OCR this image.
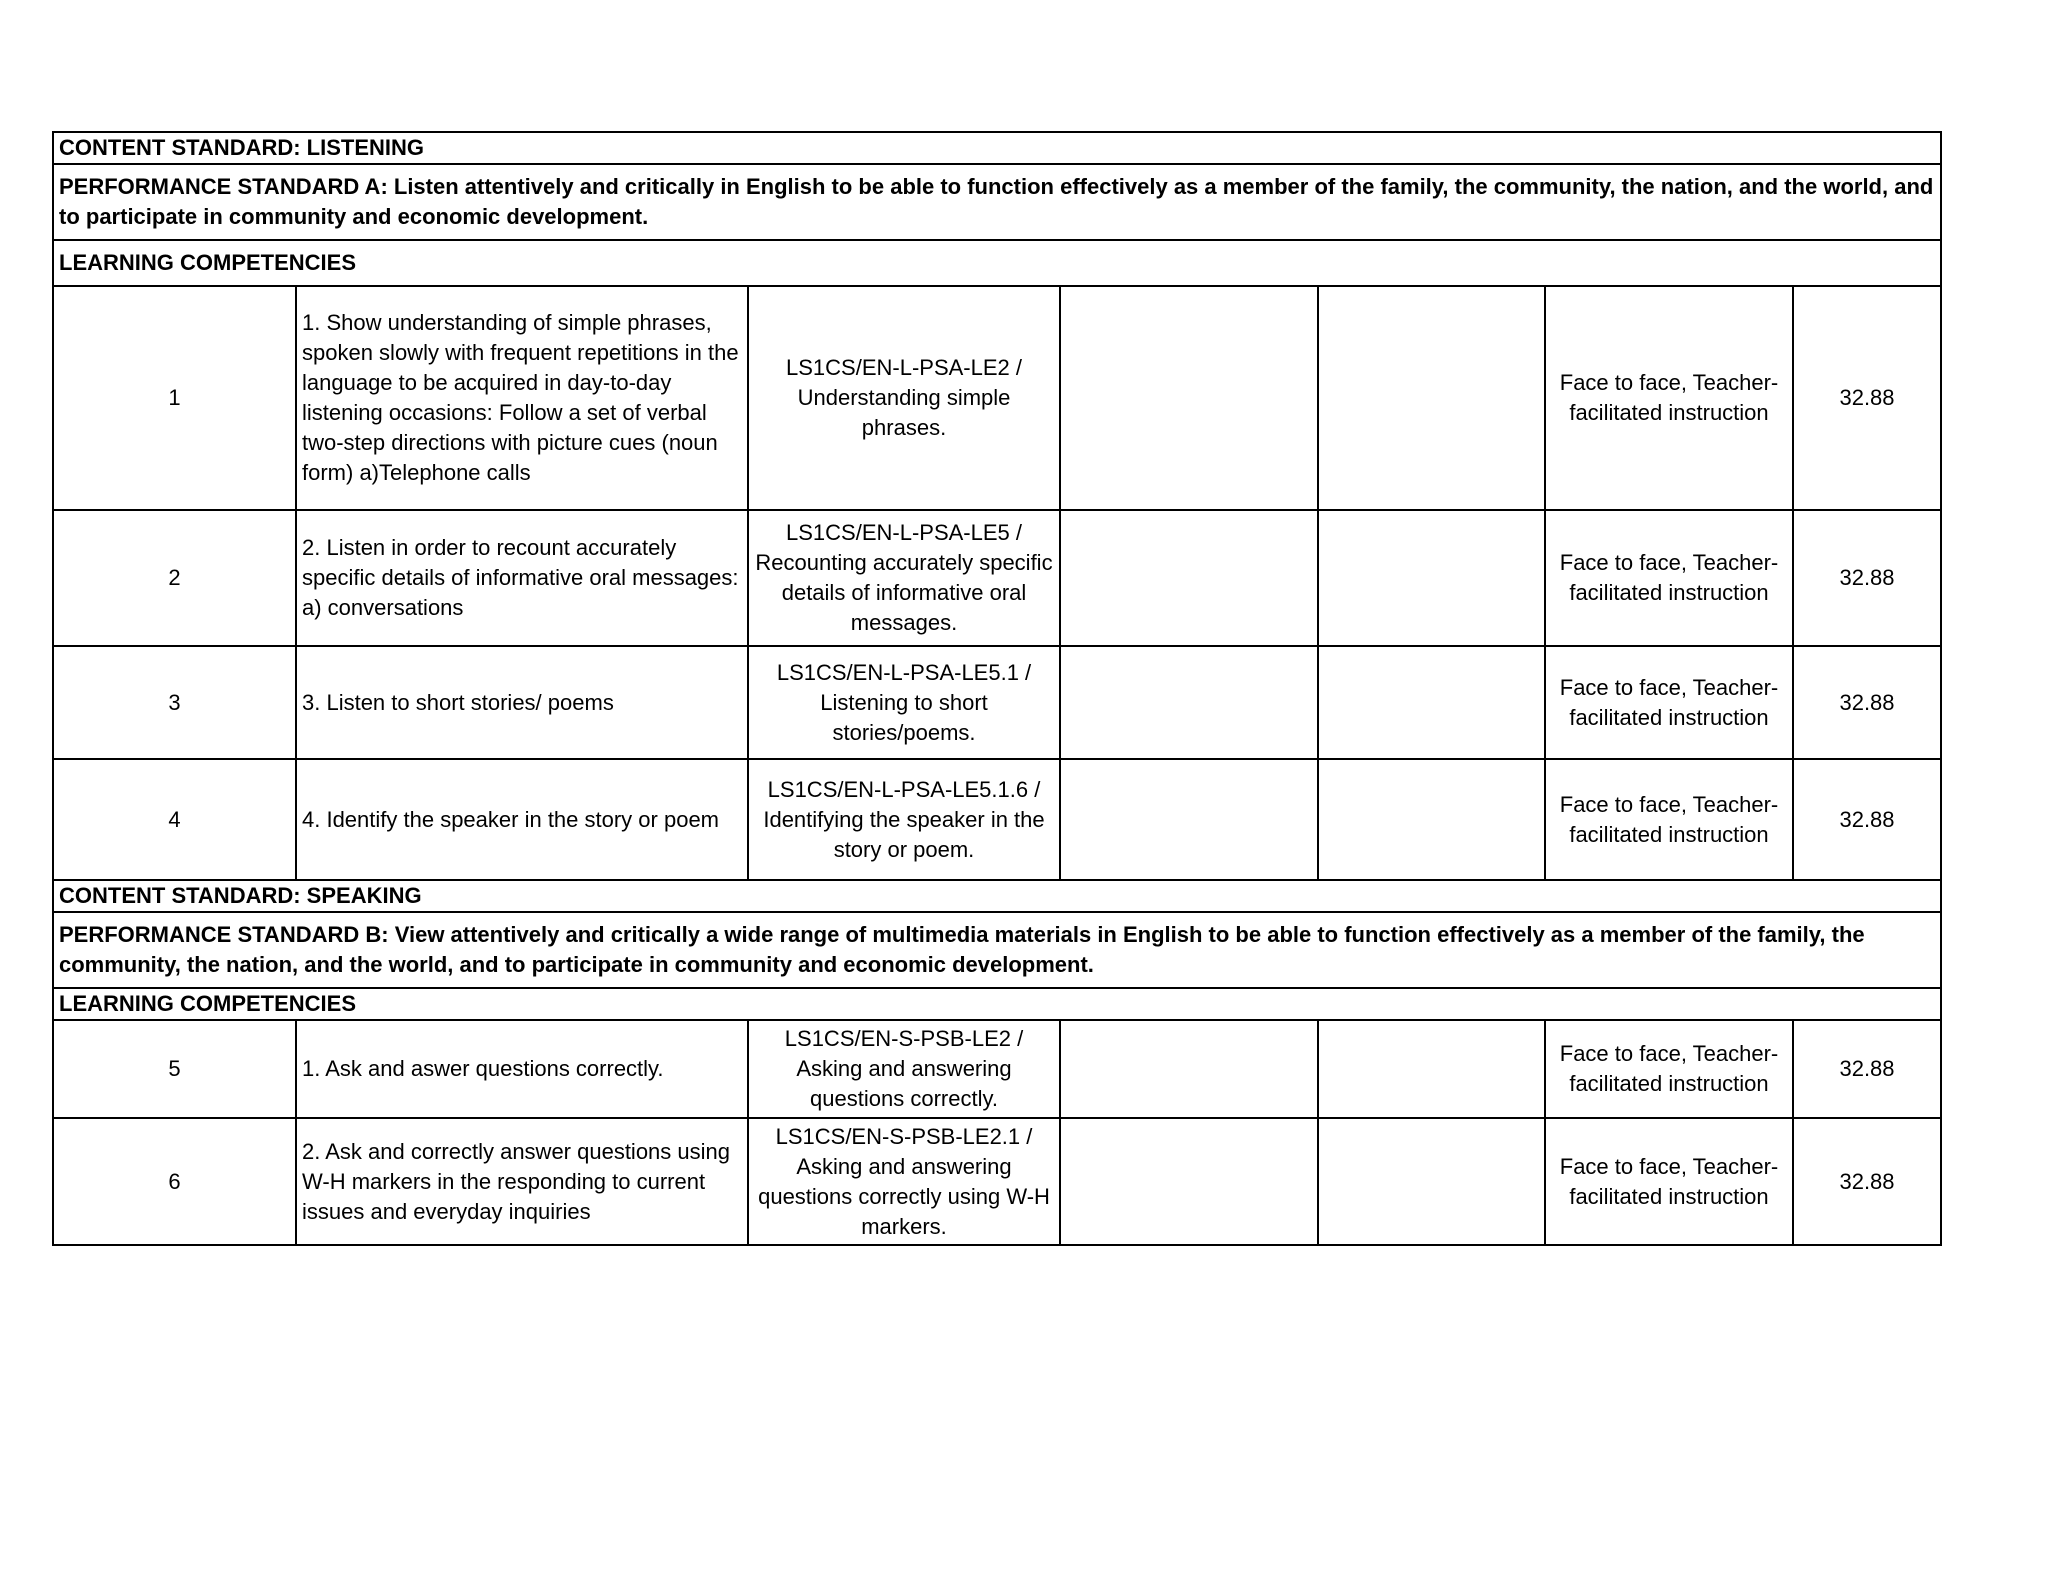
CONTENT STANDARD: LISTENING						
PERFORMANCE STANDARD A: Listen attentively and critically in English to be able to function effectively as a member of the family, the community, the nation, and the world, and to participate in community and economic development.						
LEARNING COMPETENCIES						
1	1. Show understanding of simple phrases, spoken slowly with frequent repetitions in the language to be acquired in day-to-day listening occasions: Follow a set of verbal two-step directions with picture cues (noun form) a)Telephone calls	LS1CS/EN-L-PSA-LE2 / Understanding simple phrases.			Face to face, Teacher-facilitated instruction	32.88
2	2. Listen in order to recount accurately specific details of informative oral messages: a) conversations	LS1CS/EN-L-PSA-LE5 / Recounting accurately specific details of informative oral messages.			Face to face, Teacher-facilitated instruction	32.88
3	3. Listen to short stories/ poems	LS1CS/EN-L-PSA-LE5.1 / Listening to short stories/poems.			Face to face, Teacher-facilitated instruction	32.88
4	4. Identify the speaker in the story or poem	LS1CS/EN-L-PSA-LE5.1.6 / Identifying the speaker in the story or poem.			Face to face, Teacher-facilitated instruction	32.88
CONTENT STANDARD: SPEAKING						
PERFORMANCE STANDARD B: View attentively and critically a wide range of multimedia materials in English to be able to function effectively as a member of the family, the community, the nation, and the world, and to participate in community and economic development.						
LEARNING COMPETENCIES						
5	1. Ask and aswer questions correctly.	LS1CS/EN-S-PSB-LE2 / Asking and answering questions correctly.			Face to face, Teacher-facilitated instruction	32.88
6	2. Ask and correctly answer questions using W-H markers in the responding to current issues and everyday inquiries	LS1CS/EN-S-PSB-LE2.1 / Asking and answering questions correctly using W-H markers.			Face to face, Teacher-facilitated instruction	32.88
